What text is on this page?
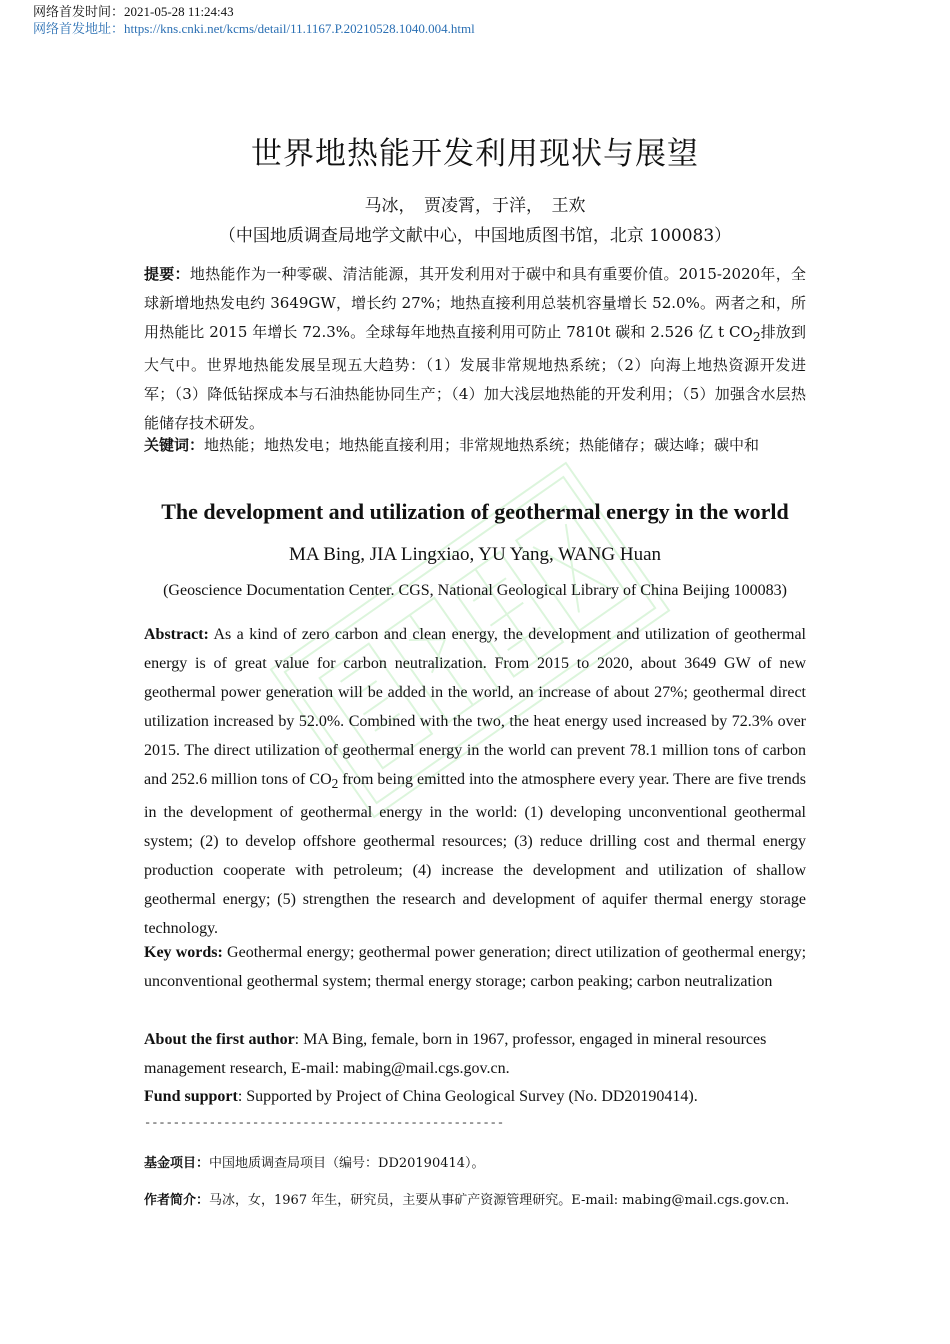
网络首发时间：2021-05-28 11:24:43
网络首发地址：https://kns.cnki.net/kcms/detail/11.1167.P.20210528.1040.004.html
世界地热能开发利用现状与展望
马冰，　贾凌霄，于洋，　王欢
（中国地质调查局地学文献中心，中国地质图书馆，北京 100083）
提要：地热能作为一种零碳、清洁能源，其开发利用对于碳中和具有重要价值。2015-2020年，全球新增地热发电约 3649GW，增长约 27%；地热直接利用总装机容量增长 52.0%。两者之和，所用热能比 2015 年增长 72.3%。全球每年地热直接利用可防止 7810t 碳和 2.526 亿 t $CO_2$排放到大气中。世界地热能发展呈现五大趋势：（1）发展非常规地热系统；（2）向海上地热资源开发进军；（3）降低钻探成本与石油热能协同生产；（4）加大浅层地热能的开发利用；（5）加强含水层热能储存技术研发。
关键词：地热能；地热发电；地热能直接利用；非常规地热系统；热能储存；碳达峰；碳中和
The development and utilization of geothermal energy in the world
MA Bing, JIA Lingxiao, YU Yang, WANG Huan
(Geoscience Documentation Center. CGS, National Geological Library of China Beijing 100083)
Abstract: As a kind of zero carbon and clean energy, the development and utilization of geothermal energy is of great value for carbon neutralization. From 2015 to 2020, about 3649 GW of new geothermal power generation will be added in the world, an increase of about 27%; geothermal direct utilization increased by 52.0%. Combined with the two, the heat energy used increased by 72.3% over 2015. The direct utilization of geothermal energy in the world can prevent 78.1 million tons of carbon and 252.6 million tons of $CO_2$ from being emitted into the atmosphere every year. There are five trends in the development of geothermal energy in the world: (1) developing unconventional geothermal system; (2) to develop offshore geothermal resources; (3) reduce drilling cost and thermal energy production cooperate with petroleum; (4) increase the development and utilization of shallow geothermal energy; (5) strengthen the research and development of aquifer thermal energy storage technology.
Key words: Geothermal energy; geothermal power generation; direct utilization of geothermal energy; unconventional geothermal system; thermal energy storage; carbon peaking; carbon neutralization
About the first author: MA Bing, female, born in 1967, professor, engaged in mineral resources management research, E-mail: mabing@mail.cgs.gov.cn.
Fund support: Supported by Project of China Geological Survey (No. DD20190414).
--------------------------------------------------
基金项目：中国地质调查局项目（编号：DD20190414）。
作者简介：马冰，女，1967 年生，研究员，主要从事矿产资源管理研究。E-mail: mabing@mail.cgs.gov.cn.
